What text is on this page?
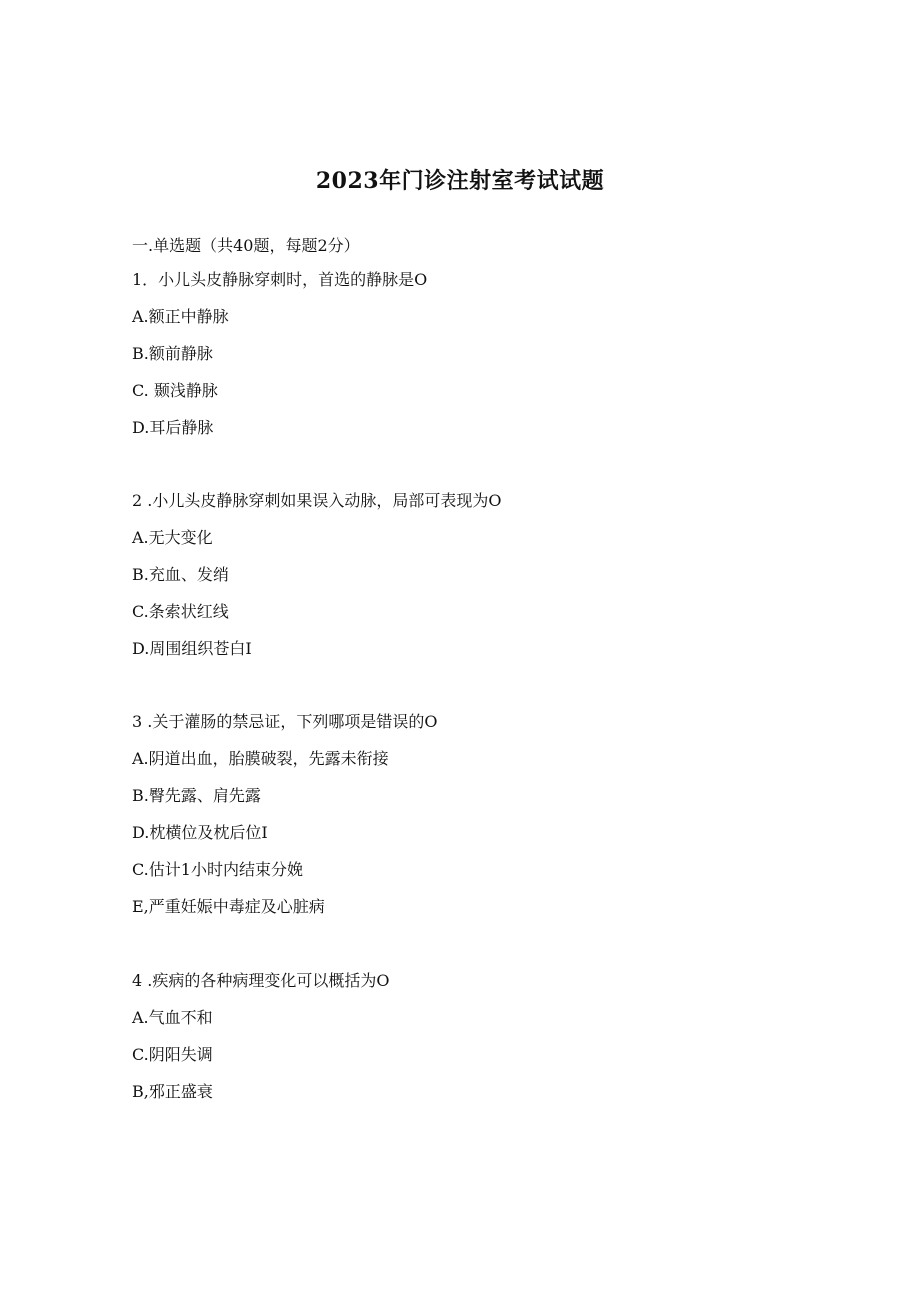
2023年门诊注射室考试试题
一.单选题（共40题，每题2分）
1．小儿头皮静脉穿刺时，首选的静脉是O
A.额正中静脉
B.额前静脉
C. 颞浅静脉
D.耳后静脉
2 .小儿头皮静脉穿刺如果误入动脉，局部可表现为O
A.无大变化
B.充血、发绡
C.条索状红线
D.周围组织苍白I
3 .关于灌肠的禁忌证，下列哪项是错误的O
A.阴道出血，胎膜破裂，先露未衔接
B.臀先露、肩先露
D.枕横位及枕后位I
C.估计1小时内结束分娩
E,严重妊娠中毒症及心脏病
4 .疾病的各种病理变化可以概括为O
A.气血不和
C.阴阳失调
B,邪正盛衰
